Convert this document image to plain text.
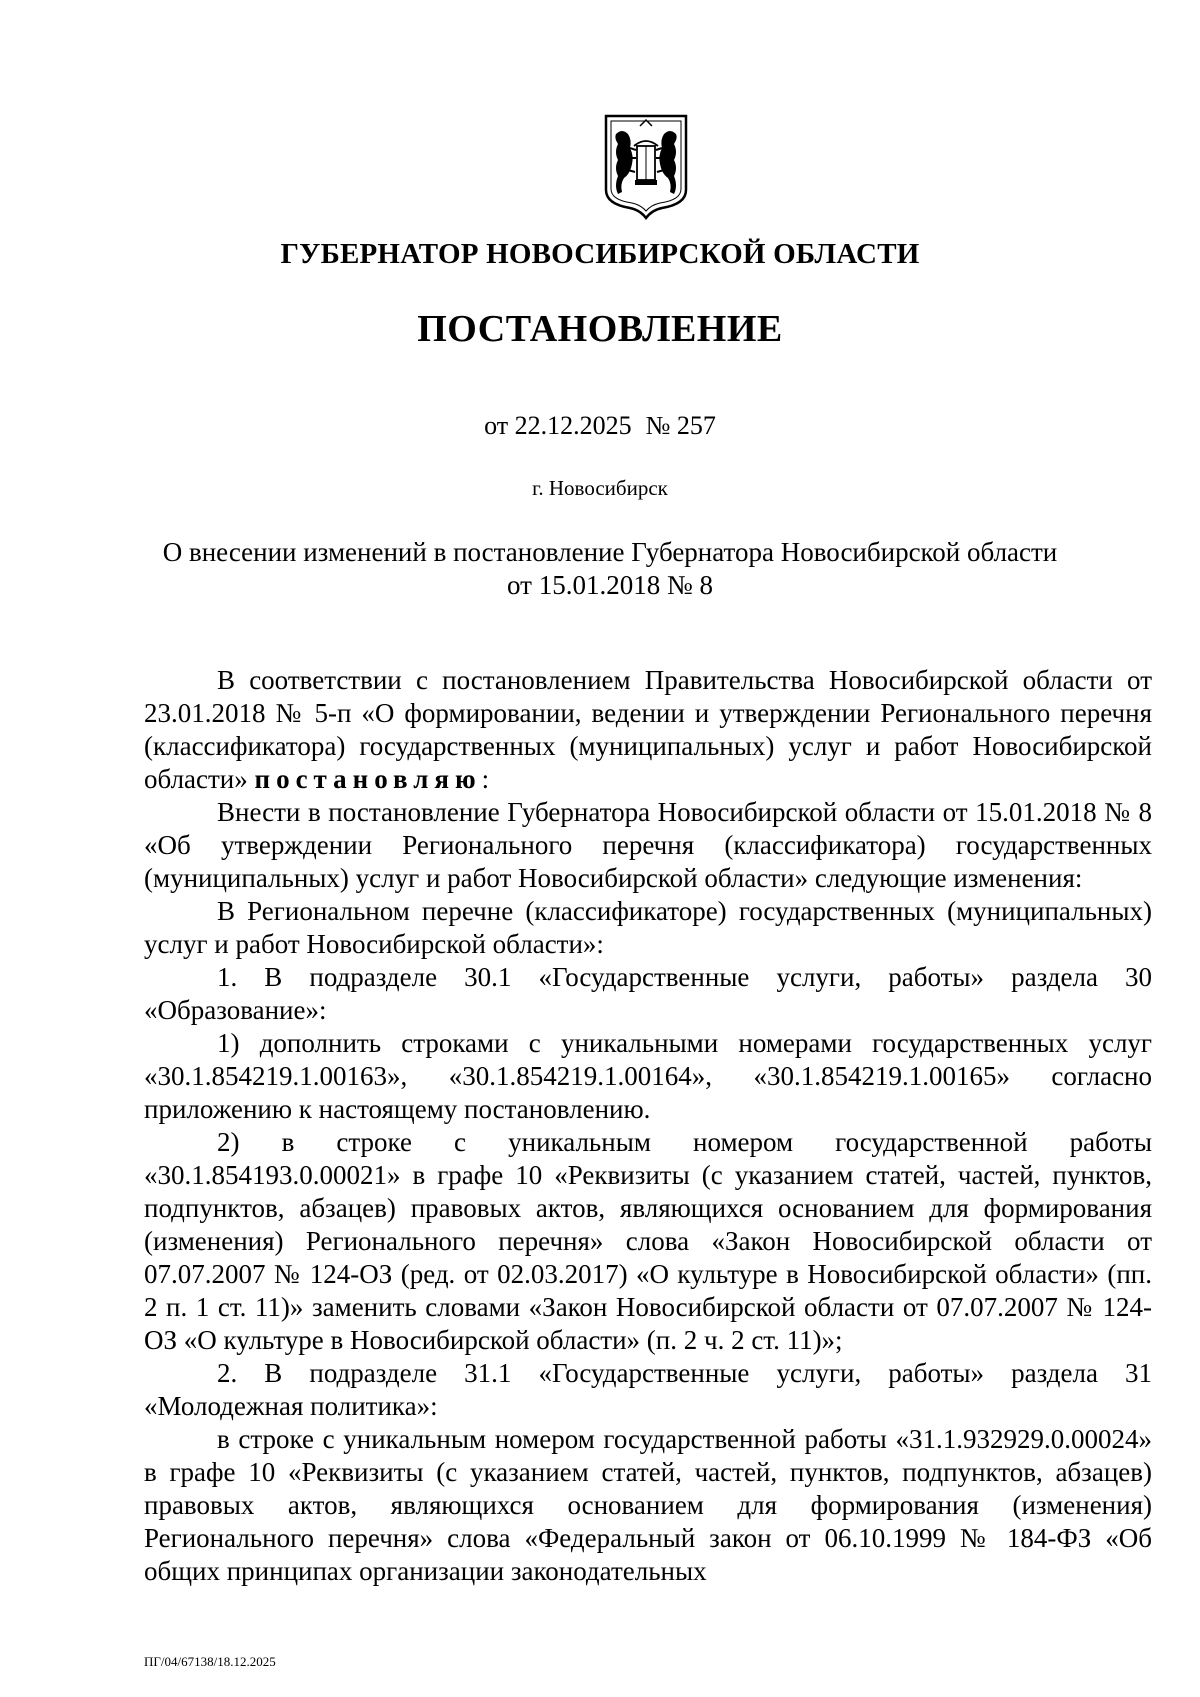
ГУБЕРНАТОР НОВОСИБИРСКОЙ ОБЛАСТИ
ПОСТАНОВЛЕНИЕ
от 22.12.2025 № 257
г. Новосибирск
О внесении изменений в постановление Губернатора Новосибирской области
от 15.01.2018 № 8

В соответствии с постановлением Правительства Новосибирской области от 23.01.2018 № 5-п «О формировании, ведении и утверждении Регионального перечня (классификатора) государственных (муниципальных) услуг и работ Новосибирской области» постановляю:

Внести в постановление Губернатора Новосибирской области от 15.01.2018 № 8 «Об утверждении Регионального перечня (классификатора) государственных (муниципальных) услуг и работ Новосибирской области» следующие изменения:

В Региональном перечне (классификаторе) государственных (муниципальных) услуг и работ Новосибирской области»:

1. В подразделе 30.1 «Государственные услуги, работы» раздела 30 «Образование»:

1) дополнить строками с уникальными номерами государственных услуг «30.1.854219.1.00163», «30.1.854219.1.00164», «30.1.854219.1.00165» согласно приложению к настоящему постановлению.

2) в строке с уникальным номером государственной работы «30.1.854193.0.00021» в графе 10 «Реквизиты (с указанием статей, частей, пунктов, подпунктов, абзацев) правовых актов, являющихся основанием для формирования (изменения) Регионального перечня» слова «Закон Новосибирской области от 07.07.2007 № 124-ОЗ (ред. от 02.03.2017) «О культуре в Новосибирской области» (пп. 2 п. 1 ст. 11)» заменить словами «Закон Новосибирской области от 07.07.2007 № 124-ОЗ «О культуре в Новосибирской области» (п. 2 ч. 2 ст. 11)»;

2. В подразделе 31.1 «Государственные услуги, работы» раздела 31 «Молодежная политика»:

в строке с уникальным номером государственной работы «31.1.932929.0.00024» в графе 10 «Реквизиты (с указанием статей, частей, пунктов, подпунктов, абзацев) правовых актов, являющихся основанием для формирования (изменения) Регионального перечня» слова «Федеральный закон от 06.10.1999 № 184-ФЗ «Об общих принципах организации законодательных

ПГ/04/67138/18.12.2025
